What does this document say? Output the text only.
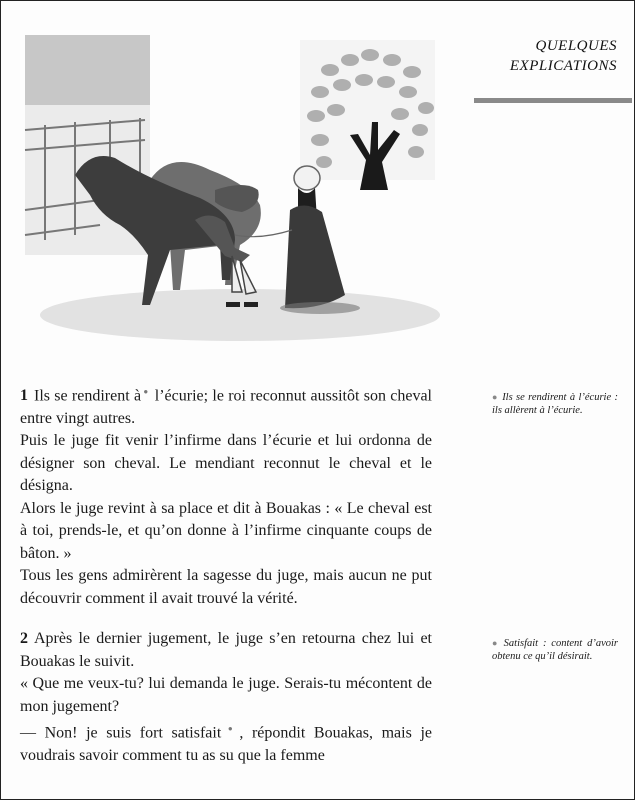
QUELQUES
EXPLICATIONS

1 Ils se rendirent à ● l’écurie; le roi reconnut aussitôt son cheval entre vingt autres.

Puis le juge fit venir l’infirme dans l’écurie et lui ordonna de désigner son cheval. Le mendiant reconnut le cheval et le désigna.

Alors le juge revint à sa place et dit à Bouakas : « Le cheval est à toi, prends-le, et qu’on donne à l’infirme cinquante coups de bâton. »

Tous les gens admirèrent la sagesse du juge, mais aucun ne put découvrir comment il avait trouvé la vérité.

2 Après le dernier jugement, le juge s’en retourna chez lui et Bouakas le suivit.

« Que me veux-tu? lui demanda le juge. Serais-tu mécontent de mon jugement?

— Non! je suis fort satisfait ● , répondit Bouakas, mais je voudrais savoir comment tu as su que la femme

● Ils se rendirent à l’écurie : ils allèrent à l’écurie.
● Satisfait : content d’avoir obtenu ce qu’il désirait.
